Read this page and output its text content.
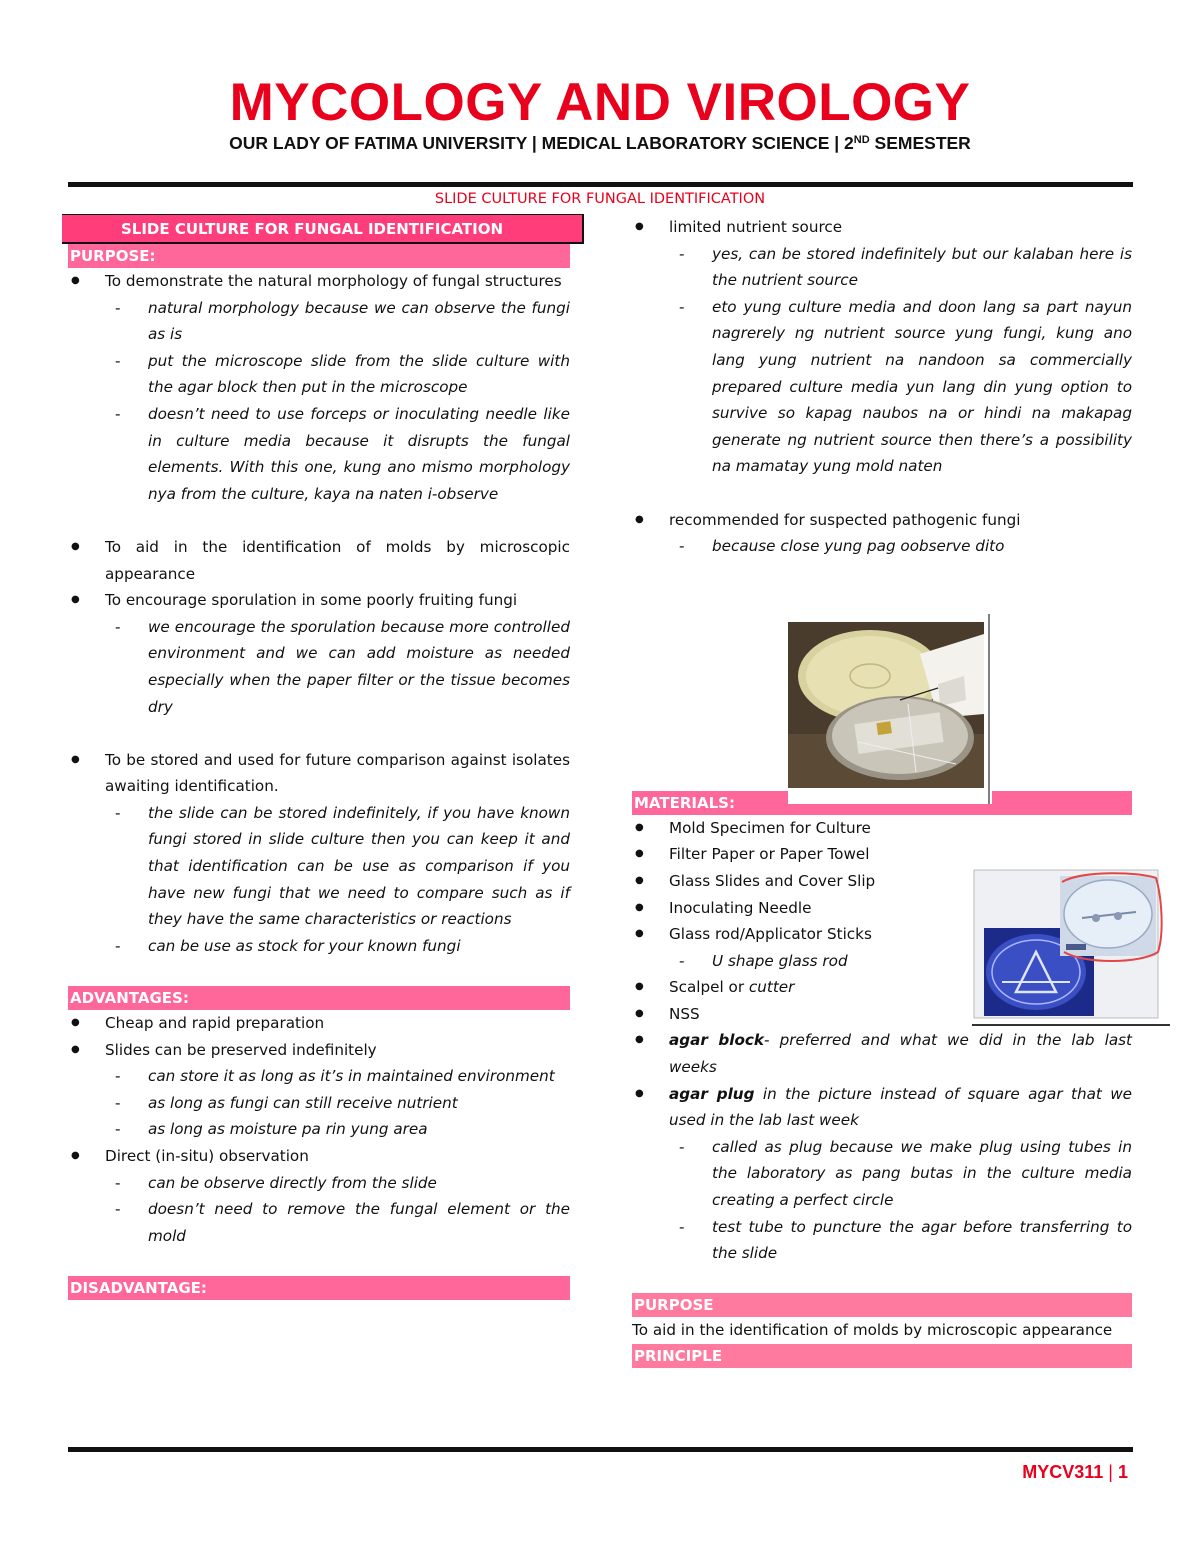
MYCOLOGY AND VIROLOGY
OUR LADY OF FATIMA UNIVERSITY | MEDICAL LABORATORY SCIENCE | 2ND SEMESTER
SLIDE CULTURE FOR FUNGAL IDENTIFICATION
SLIDE CULTURE FOR FUNGAL IDENTIFICATION
PURPOSE:
● To demonstrate the natural morphology of fungal structures
- natural morphology because we can observe the fungi as is
- put the microscope slide from the slide culture with the agar block then put in the microscope
- doesn’t need to use forceps or inoculating needle like in culture media because it disrupts the fungal elements. With this one, kung ano mismo morphology nya from the culture, kaya na naten i-observe
● To aid in the identification of molds by microscopic appearance
● To encourage sporulation in some poorly fruiting fungi
- we encourage the sporulation because more controlled environment and we can add moisture as needed especially when the paper filter or the tissue becomes dry
● To be stored and used for future comparison against isolates awaiting identification.
- the slide can be stored indefinitely, if you have known fungi stored in slide culture then you can keep it and that identification can be use as comparison if you have new fungi that we need to compare such as if they have the same characteristics or reactions
- can be use as stock for your known fungi
ADVANTAGES:
● Cheap and rapid preparation
● Slides can be preserved indefinitely
- can store it as long as it’s in maintained environment
- as long as fungi can still receive nutrient
- as long as moisture pa rin yung area
● Direct (in-situ) observation
- can be observe directly from the slide
- doesn’t need to remove the fungal element or the mold
DISADVANTAGE:
● limited nutrient source
- yes, can be stored indefinitely but our kalaban here is the nutrient source
- eto yung culture media and doon lang sa part nayun nagrerely ng nutrient source yung fungi, kung ano lang yung nutrient na nandoon sa commercially prepared culture media yun lang din yung option to survive so kapag naubos na or hindi na makapag generate ng nutrient source then there’s a possibility na mamatay yung mold naten
● recommended for suspected pathogenic fungi
- because close yung pag oobserve dito
MATERIALS:
● Mold Specimen for Culture
● Filter Paper or Paper Towel
● Glass Slides and Cover Slip
● Inoculating Needle
● Glass rod/Applicator Sticks
- U shape glass rod
● Scalpel or cutter
● NSS
● agar block- preferred and what we did in the lab last weeks
● agar plug in the picture instead of square agar that we used in the lab last week
- called as plug because we make plug using tubes in the laboratory as pang butas in the culture media creating a perfect circle
- test tube to puncture the agar before transferring to the slide
PURPOSE
To aid in the identification of molds by microscopic appearance
PRINCIPLE
MYCV311 | 1
